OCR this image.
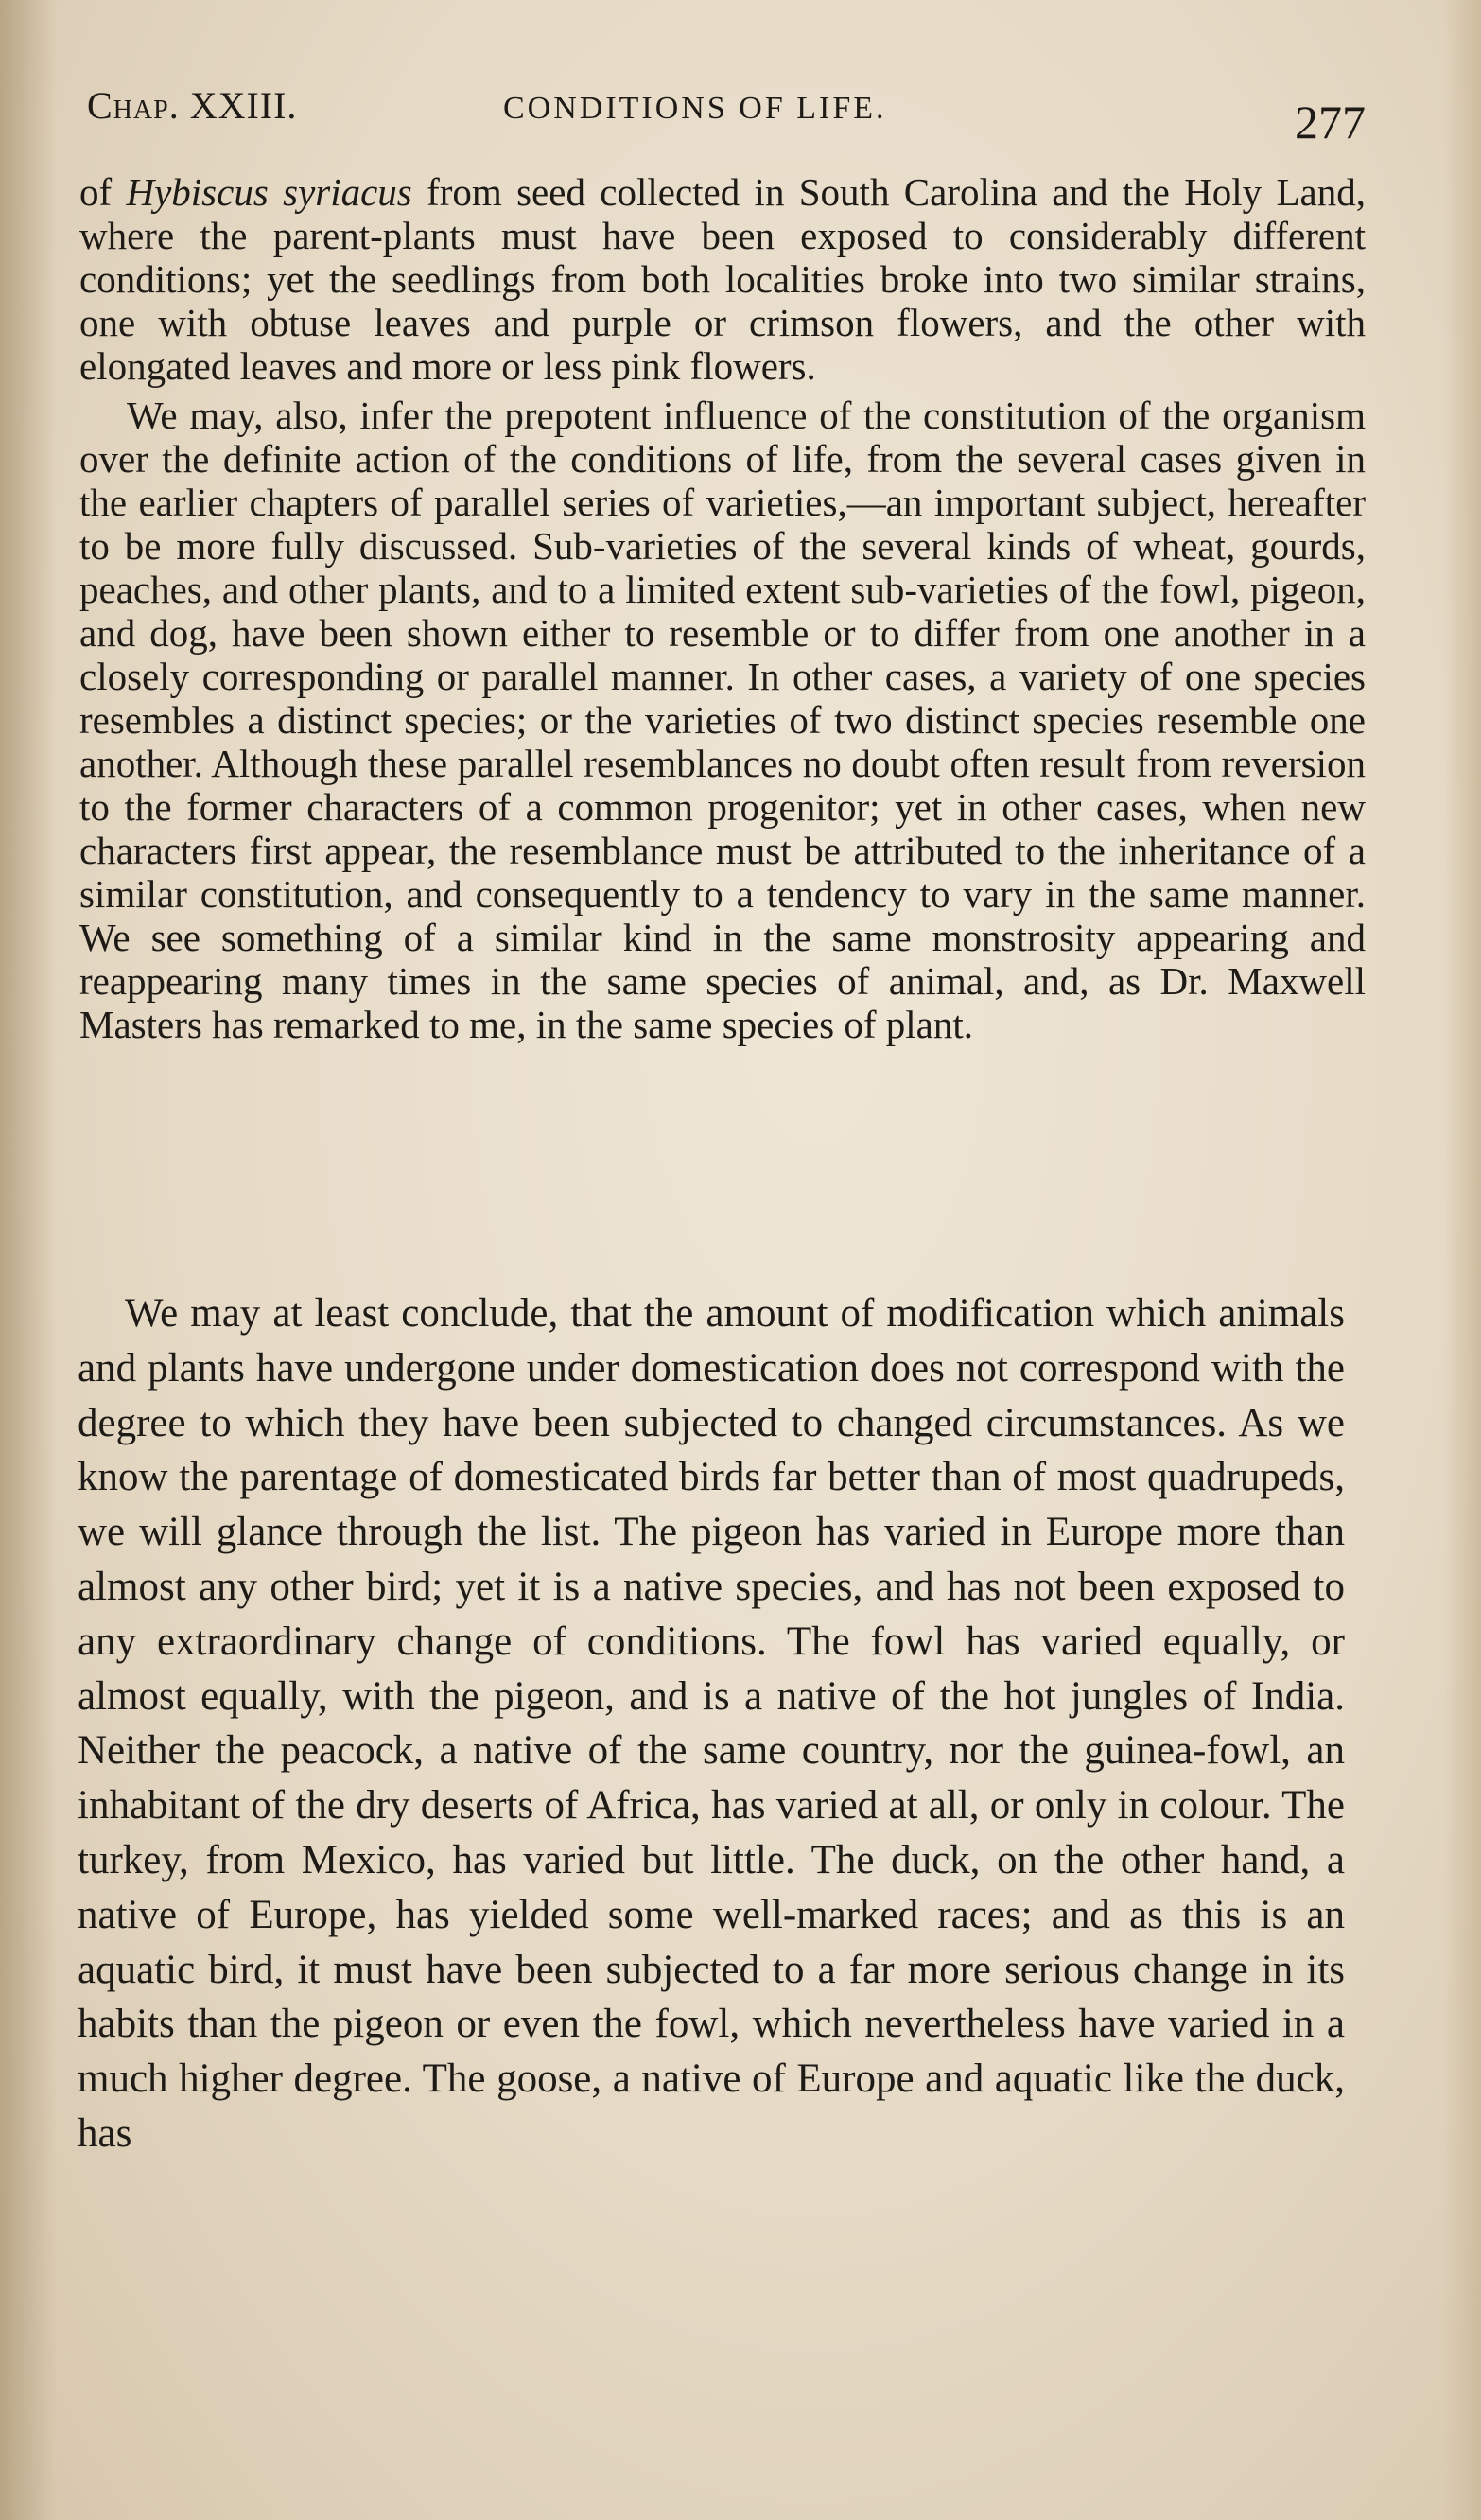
Chap. XXIII.	CONDITIONS OF LIFE.	277

of Hybiscus syriacus from seed collected in South Carolina and the Holy Land, where the parent-plants must have been exposed to considerably different conditions; yet the seedlings from both localities broke into two similar strains, one with obtuse leaves and purple or crimson flowers, and the other with elongated leaves and more or less pink flowers.

We may, also, infer the prepotent influence of the constitution of the organism over the definite action of the conditions of life, from the several cases given in the earlier chapters of parallel series of varieties,—an important subject, hereafter to be more fully discussed. Sub-varieties of the several kinds of wheat, gourds, peaches, and other plants, and to a limited extent sub-varieties of the fowl, pigeon, and dog, have been shown either to resemble or to differ from one another in a closely corresponding or parallel manner. In other cases, a variety of one species resembles a distinct species; or the varieties of two distinct species resemble one another. Although these parallel resemblances no doubt often result from reversion to the former characters of a common progenitor; yet in other cases, when new characters first appear, the resemblance must be attributed to the inheritance of a similar constitution, and consequently to a tendency to vary in the same manner. We see something of a similar kind in the same monstrosity appearing and reappearing many times in the same species of animal, and, as Dr. Maxwell Masters has remarked to me, in the same species of plant.

We may at least conclude, that the amount of modification which animals and plants have undergone under domestication does not correspond with the degree to which they have been subjected to changed circumstances. As we know the parentage of domesticated birds far better than of most quadrupeds, we will glance through the list. The pigeon has varied in Europe more than almost any other bird; yet it is a native species, and has not been exposed to any extraordinary change of conditions. The fowl has varied equally, or almost equally, with the pigeon, and is a native of the hot jungles of India. Neither the peacock, a native of the same country, nor the guinea-fowl, an inhabitant of the dry deserts of Africa, has varied at all, or only in colour. The turkey, from Mexico, has varied but little. The duck, on the other hand, a native of Europe, has yielded some well-marked races; and as this is an aquatic bird, it must have been subjected to a far more serious change in its habits than the pigeon or even the fowl, which nevertheless have varied in a much higher degree. The goose, a native of Europe and aquatic like the duck, has
